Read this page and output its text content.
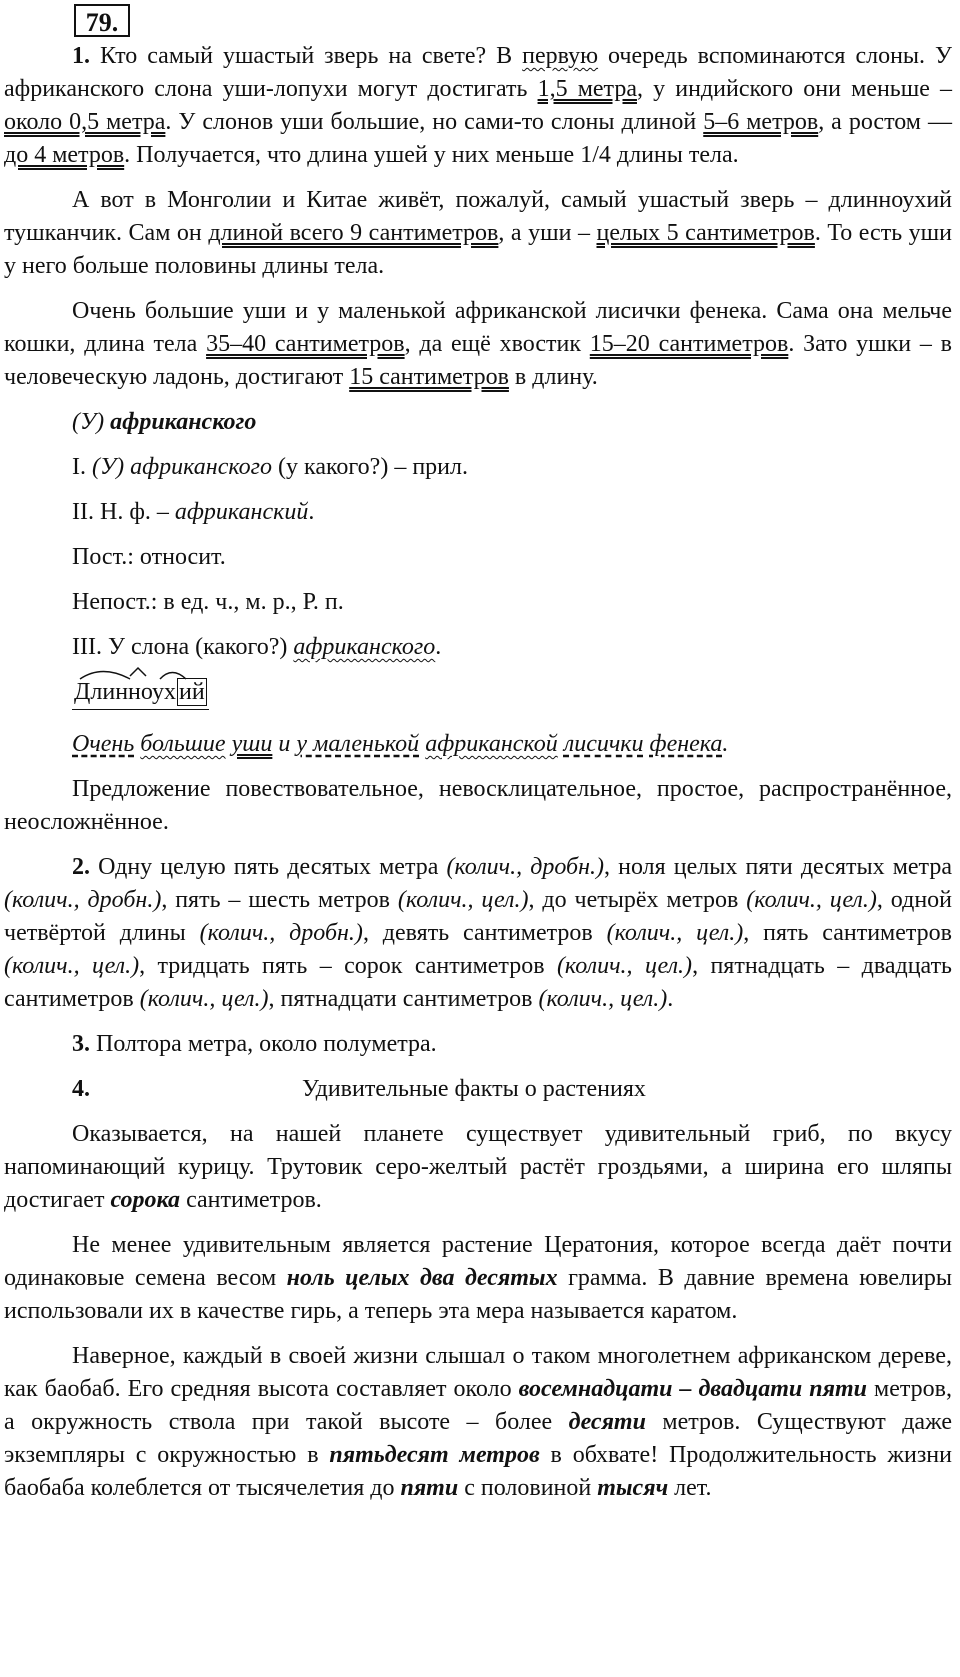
79.

1. Кто самый ушастый зверь на свете? В первую очередь вспоминаются слоны. У африканского слона уши-лопухи могут достигать 1,5 метра, у индийского они меньше – около 0,5 метра. У слонов уши большие, но сами-то слоны длиной 5–6 метров, а ростом — до 4 метров. Получается, что длина ушей у них меньше 1/4 длины тела.

А вот в Монголии и Китае живёт, пожалуй, самый ушастый зверь – длинноухий тушканчик. Сам он длиной всего 9 сантиметров, а уши – целых 5 сантиметров. То есть уши у него больше половины длины тела.

Очень большие уши и у маленькой африканской лисички фенека. Сама она мельче кошки, длина тела 35–40 сантиметров, да ещё хвостик 15–20 сантиметров. Зато ушки – в человеческую ладонь, достигают 15 сантиметров в длину.

(У) африканского

I. (У) африканского (у какого?) – прил.

II. Н. ф. – африканский.

Пост.: относит.

Непост.: в ед. ч., м. р., Р. п.

III. У слона (какого?) африканского.

Длинноух ий

Очень большие уши и у маленькой африканской лисички фенека.

Предложение повествовательное, невосклицательное, простое, распространённое, неосложнённое.

2. Одну целую пять десятых метра (колич., дробн.), ноля целых пяти десятых метра (колич., дробн.), пять – шесть метров (колич., цел.), до четырёх метров (колич., цел.), одной четвёртой длины (колич., дробн.), девять сантиметров (колич., цел.), пять сантиметров (колич., цел.), тридцать пять – сорок сантиметров (колич., цел.), пятнадцать – двадцать сантиметров (колич., цел.), пятнадцати сантиметров (колич., цел.).

3. Полтора метра, около полуметра.

4.	Удивительные факты о растениях

Оказывается, на нашей планете существует удивительный гриб, по вкусу напоминающий курицу. Трутовик серо-желтый растёт гроздьями, а ширина его шляпы достигает сорока сантиметров.

Не менее удивительным является растение Цератония, которое всегда даёт почти одинаковые семена весом ноль целых два десятых грамма. В давние времена ювелиры использовали их в качестве гирь, а теперь эта мера называется каратом.

Наверное, каждый в своей жизни слышал о таком многолетнем африканском дереве, как баобаб. Его средняя высота составляет около восемнадцати – двадцати пяти метров, а окружность ствола при такой высоте – более десяти метров. Существуют даже экземпляры с окружностью в пятьдесят метров в обхвате! Продолжительность жизни баобаба колеблется от тысячелетия до пяти с половиной тысяч лет.
